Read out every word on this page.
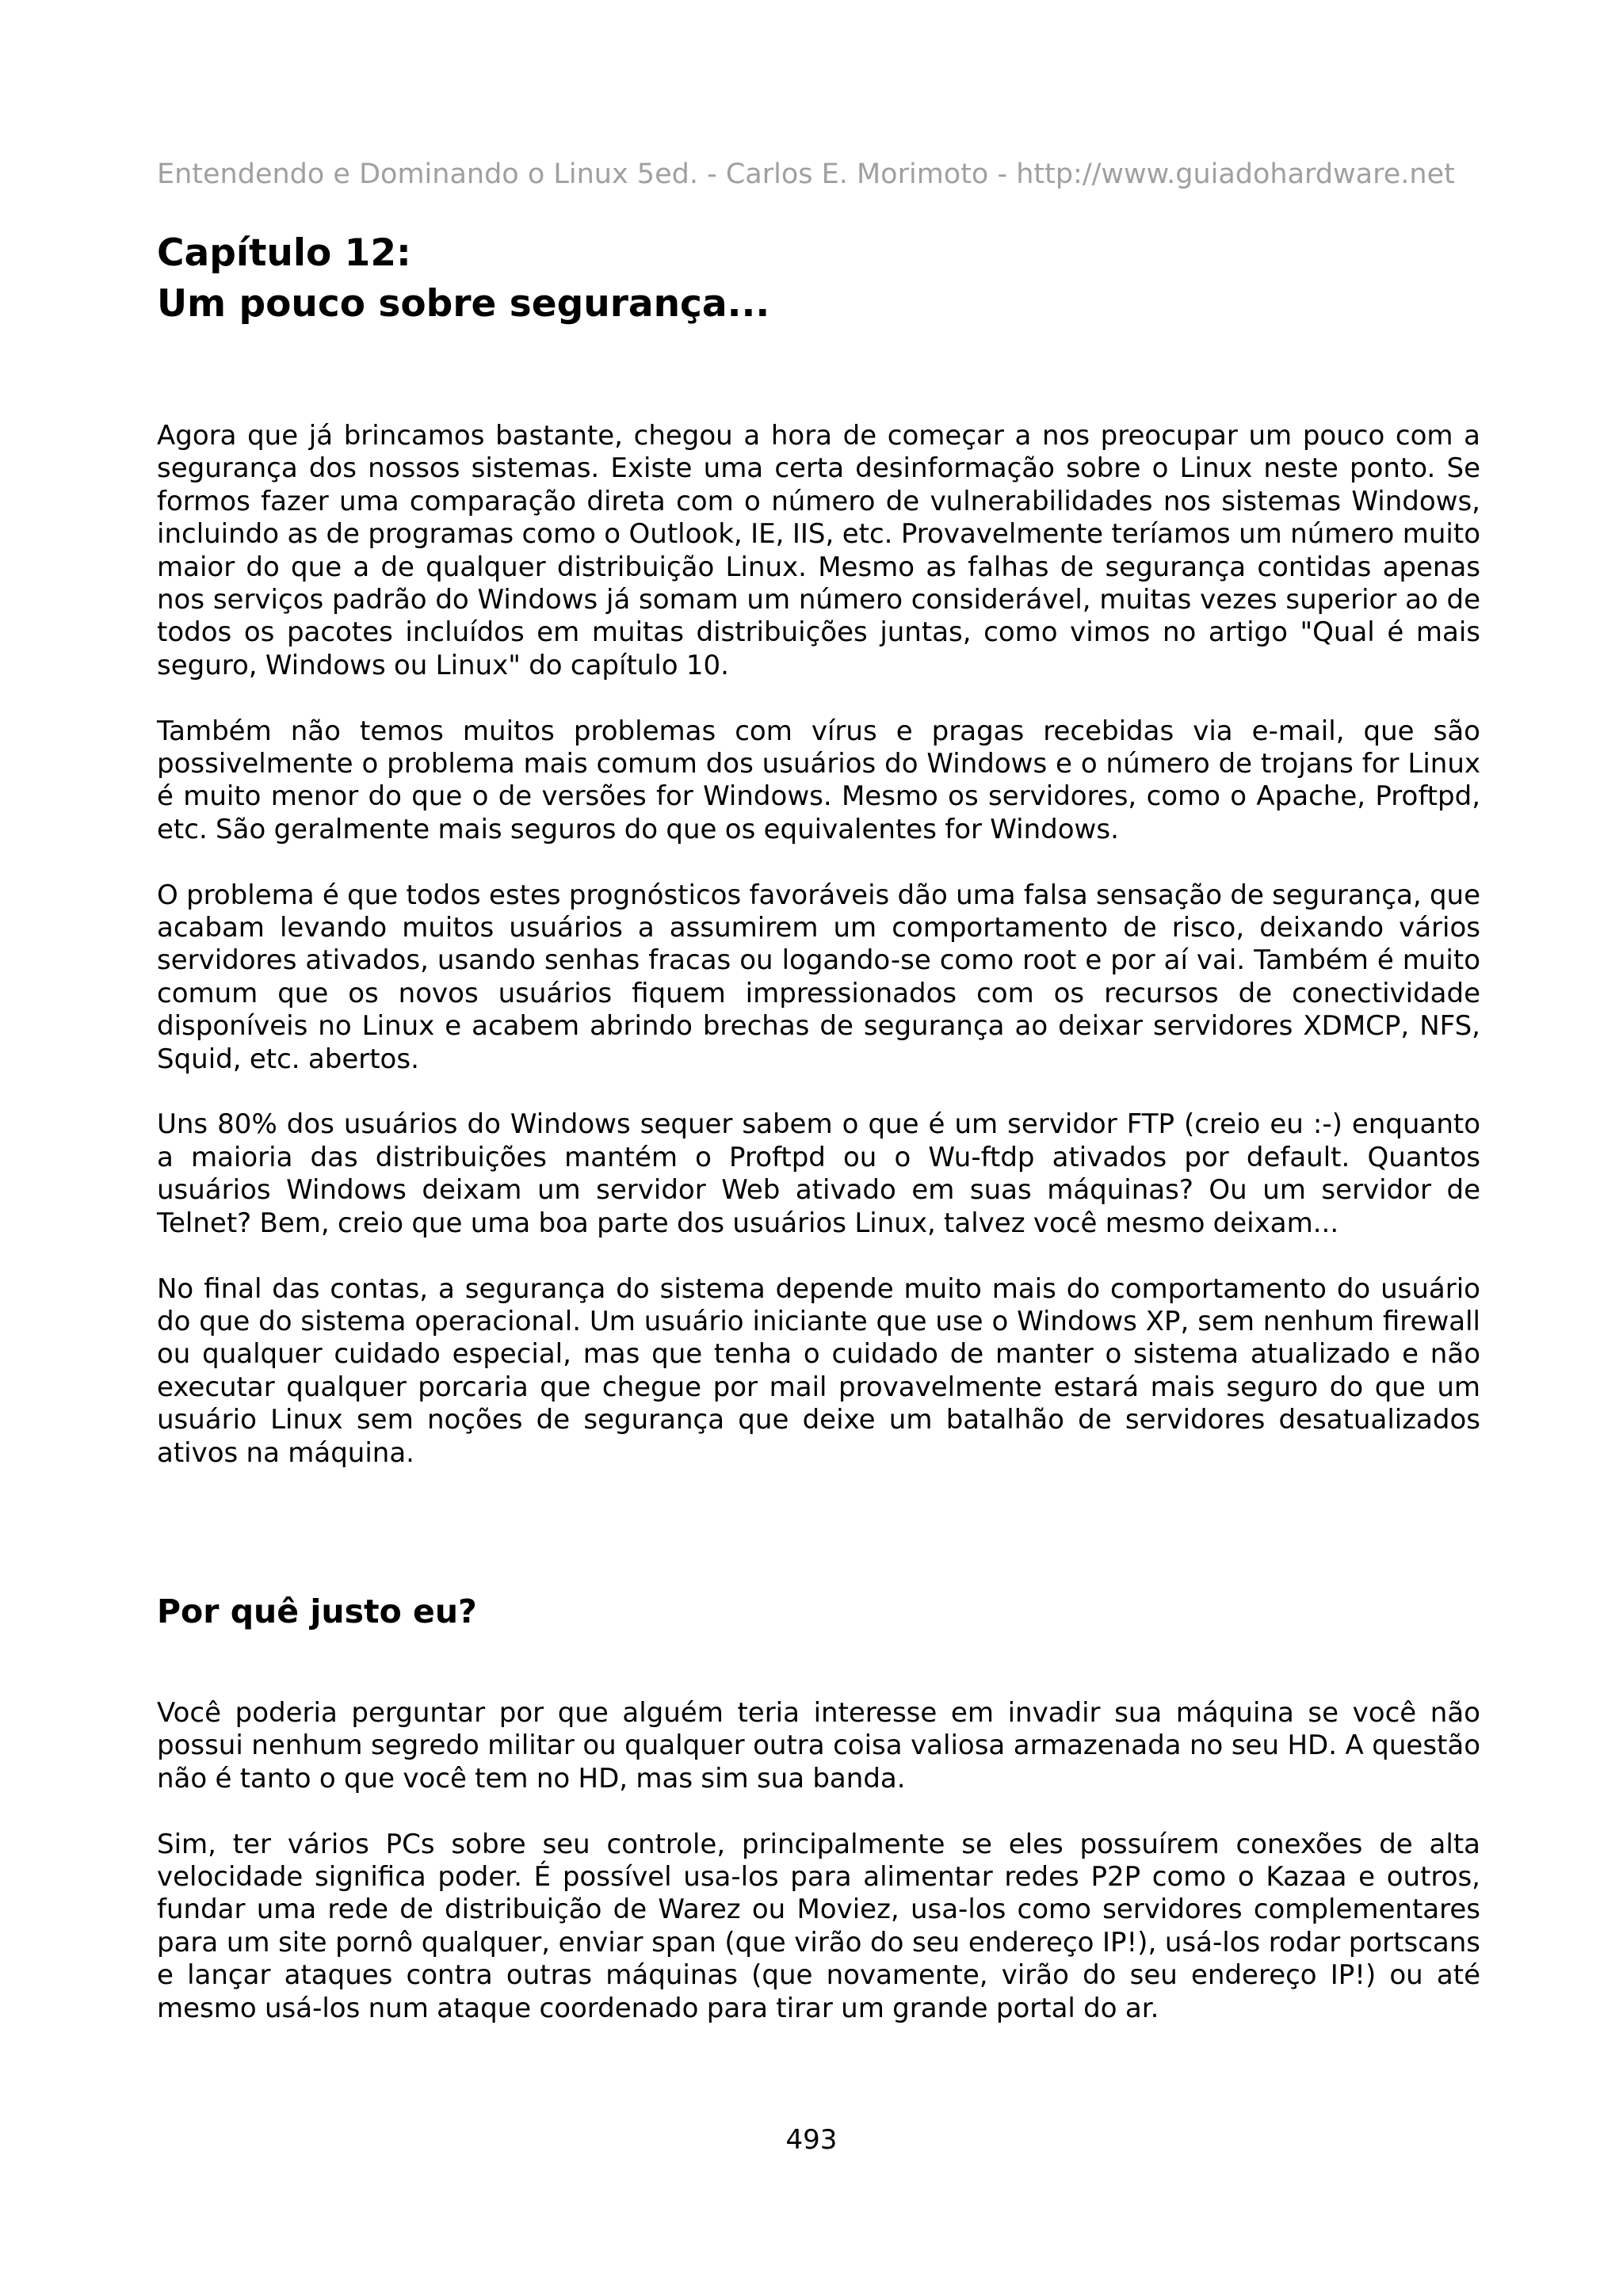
Entendendo e Dominando o Linux 5ed. - Carlos E. Morimoto - http://www.guiadohardware.net
Capítulo 12:
Um pouco sobre segurança...

Agora que já brincamos bastante, chegou a hora de começar a nos preocupar um pouco com a segurança dos nossos sistemas. Existe uma certa desinformação sobre o Linux neste ponto. Se formos fazer uma comparação direta com o número de vulnerabilidades nos sistemas Windows, incluindo as de programas como o Outlook, IE, IIS, etc. Provavelmente teríamos um número muito maior do que a de qualquer distribuição Linux. Mesmo as falhas de segurança contidas apenas nos serviços padrão do Windows já somam um número considerável, muitas vezes superior ao de todos os pacotes incluídos em muitas distribuições juntas, como vimos no artigo "Qual é mais seguro, Windows ou Linux" do capítulo 10.

Também não temos muitos problemas com vírus e pragas recebidas via e-mail, que são possivelmente o problema mais comum dos usuários do Windows e o número de trojans for Linux é muito menor do que o de versões for Windows. Mesmo os servidores, como o Apache, Proftpd, etc. São geralmente mais seguros do que os equivalentes for Windows.

O problema é que todos estes prognósticos favoráveis dão uma falsa sensação de segurança, que acabam levando muitos usuários a assumirem um comportamento de risco, deixando vários servidores ativados, usando senhas fracas ou logando-se como root e por aí vai. Também é muito comum que os novos usuários fiquem impressionados com os recursos de conectividade disponíveis no Linux e acabem abrindo brechas de segurança ao deixar servidores XDMCP, NFS, Squid, etc. abertos.

Uns 80% dos usuários do Windows sequer sabem o que é um servidor FTP (creio eu :-) enquanto a maioria das distribuições mantém o Proftpd ou o Wu-ftdp ativados por default. Quantos usuários Windows deixam um servidor Web ativado em suas máquinas? Ou um servidor de Telnet? Bem, creio que uma boa parte dos usuários Linux, talvez você mesmo deixam...

No final das contas, a segurança do sistema depende muito mais do comportamento do usuário do que do sistema operacional. Um usuário iniciante que use o Windows XP, sem nenhum firewall ou qualquer cuidado especial, mas que tenha o cuidado de manter o sistema atualizado e não executar qualquer porcaria que chegue por mail provavelmente estará mais seguro do que um usuário Linux sem noções de segurança que deixe um batalhão de servidores desatualizados ativos na máquina.

Por quê justo eu?

Você poderia perguntar por que alguém teria interesse em invadir sua máquina se você não possui nenhum segredo militar ou qualquer outra coisa valiosa armazenada no seu HD. A questão não é tanto o que você tem no HD, mas sim sua banda.

Sim, ter vários PCs sobre seu controle, principalmente se eles possuírem conexões de alta velocidade significa poder. É possível usa-los para alimentar redes P2P como o Kazaa e outros, fundar uma rede de distribuição de Warez ou Moviez, usa-los como servidores complementares para um site pornô qualquer, enviar span (que virão do seu endereço IP!), usá-los rodar portscans e lançar ataques contra outras máquinas (que novamente, virão do seu endereço IP!) ou até mesmo usá-los num ataque coordenado para tirar um grande portal do ar.

493
